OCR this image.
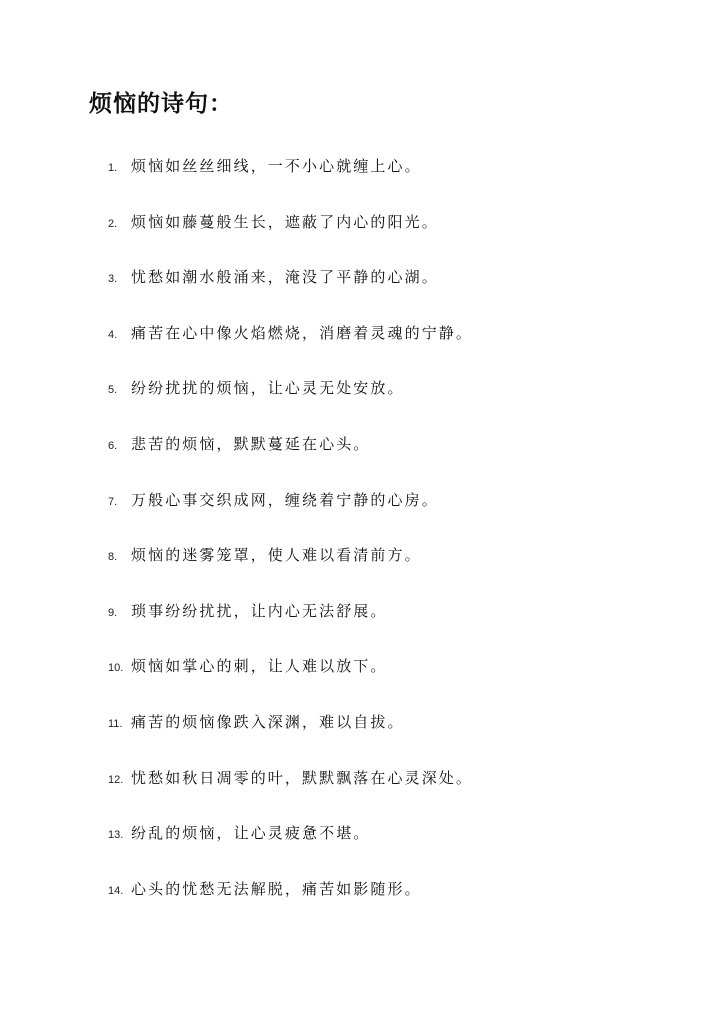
烦恼的诗句：
1. 烦恼如丝丝细线，一不小心就缠上心。
2. 烦恼如藤蔓般生长，遮蔽了内心的阳光。
3. 忧愁如潮水般涌来，淹没了平静的心湖。
4. 痛苦在心中像火焰燃烧，消磨着灵魂的宁静。
5. 纷纷扰扰的烦恼，让心灵无处安放。
6. 悲苦的烦恼，默默蔓延在心头。
7. 万般心事交织成网，缠绕着宁静的心房。
8. 烦恼的迷雾笼罩，使人难以看清前方。
9. 琐事纷纷扰扰，让内心无法舒展。
10. 烦恼如掌心的刺，让人难以放下。
11. 痛苦的烦恼像跌入深渊，难以自拔。
12. 忧愁如秋日凋零的叶，默默飘落在心灵深处。
13. 纷乱的烦恼，让心灵疲惫不堪。
14. 心头的忧愁无法解脱，痛苦如影随形。
